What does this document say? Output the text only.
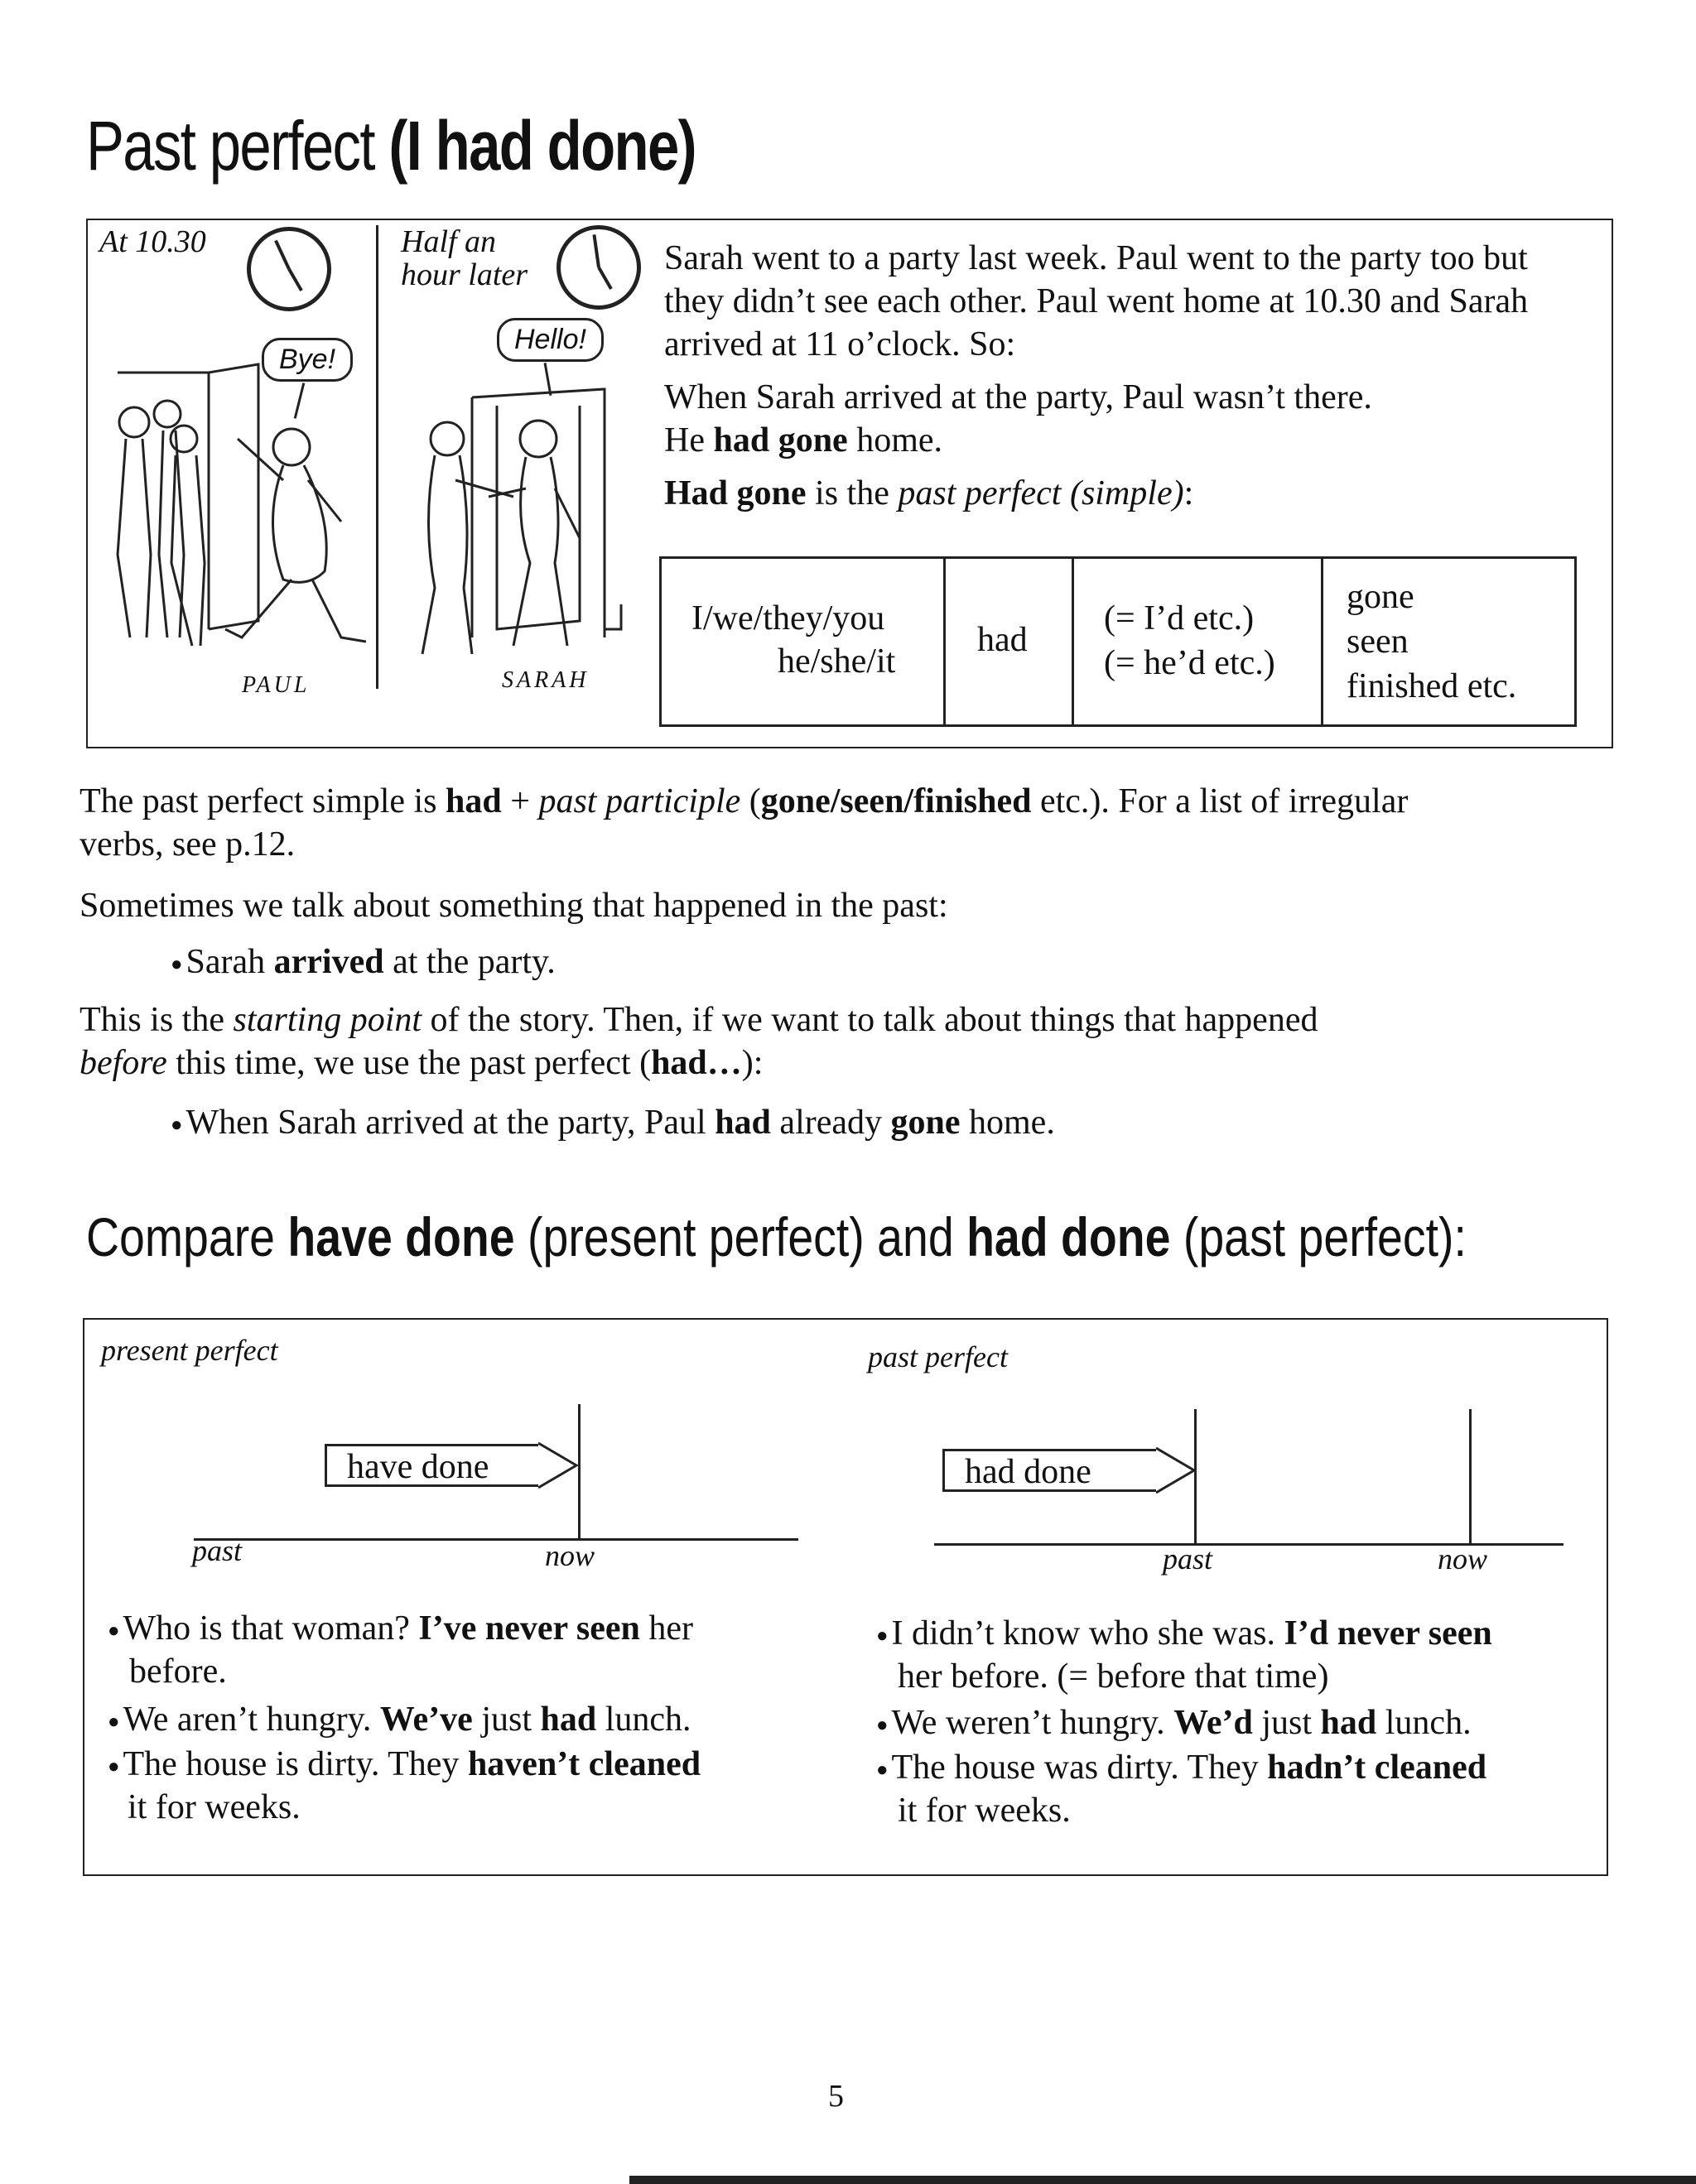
Past perfect (I had done)
At 10.30
Bye!
PAUL
Half an
hour later
Hello!
SARAH

Sarah went to a party last week. Paul went to the party too but they didn’t see each other. Paul went home at 10.30 and Sarah arrived at 11 o’clock. So:

When Sarah arrived at the party, Paul wasn’t there.
He had gone home.

Had gone is the past perfect (simple):

I/we/they/you
he/she/it
had
(= I’d etc.)
(= he’d etc.)
gone
seen
finished etc.
The past perfect simple is had + past participle (gone/seen/finished etc.). For a list of irregular
verbs, see p.12.
Sometimes we talk about something that happened in the past:
●Sarah arrived at the party.
This is the starting point of the story. Then, if we want to talk about things that happened
before this time, we use the past perfect (had…):
●When Sarah arrived at the party, Paul had already gone home.
Compare have done (present perfect) and had done (past perfect):
present perfect
have done
past	now
past perfect
had done
past	now
●Who is that woman? I’ve never seen her
before.
●We aren’t hungry. We’ve just had lunch.
●The house is dirty. They haven’t cleaned
it for weeks.
●I didn’t know who she was. I’d never seen
her before. (= before that time)
●We weren’t hungry. We’d just had lunch.
●The house was dirty. They hadn’t cleaned
it for weeks.
5
